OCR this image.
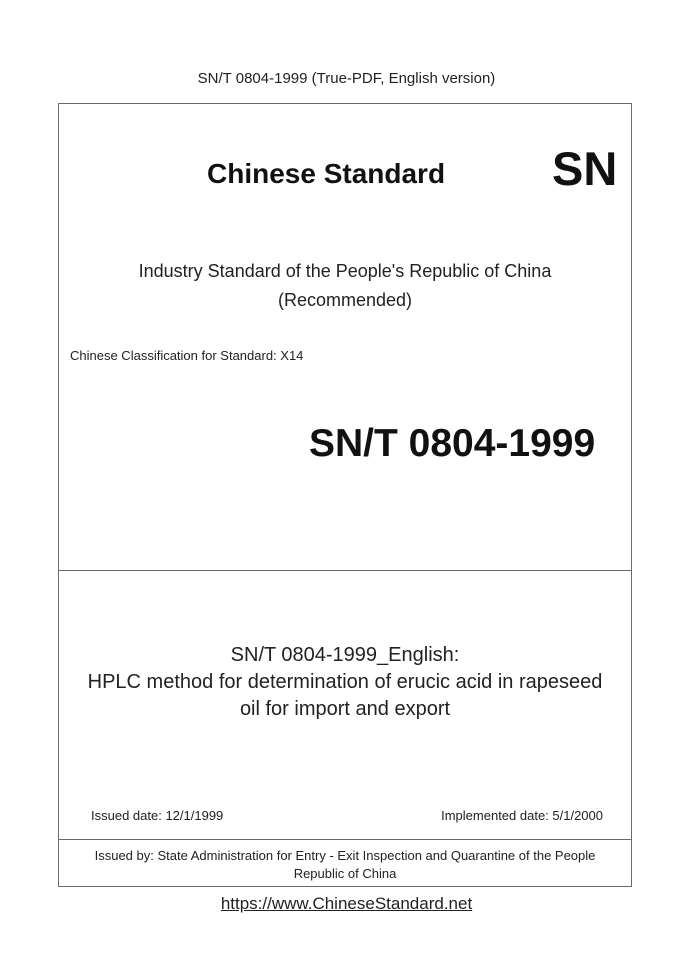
SN/T 0804-1999 (True-PDF, English version)
Chinese Standard SN
Industry Standard of the People's Republic of China
(Recommended)
Chinese Classification for Standard: X14
SN/T 0804-1999
SN/T 0804-1999_English:
HPLC method for determination of erucic acid in rapeseed
oil for import and export
Issued date: 12/1/1999	Implemented date: 5/1/2000
Issued by: State Administration for Entry - Exit Inspection and Quarantine of the People
Republic of China
https://www.ChineseStandard.net
